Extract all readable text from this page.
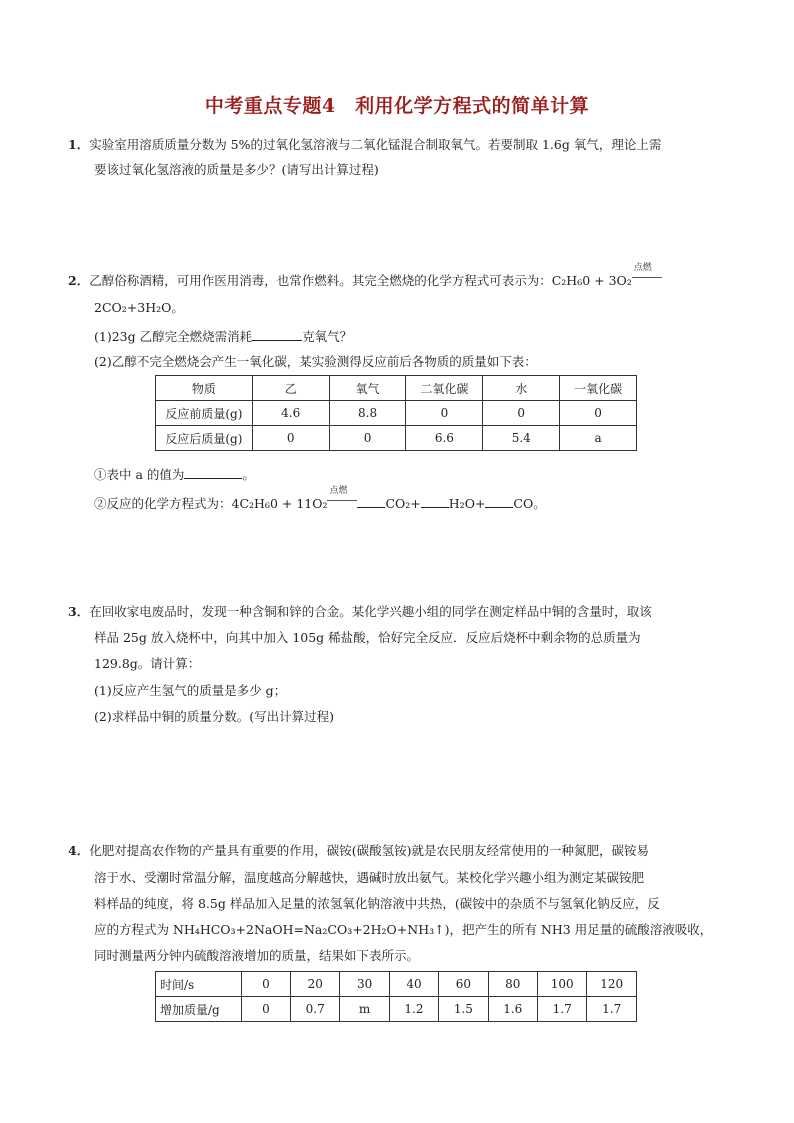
中考重点专题4　利用化学方程式的简单计算
1．实验室用溶质质量分数为 5%的过氧化氢溶液与二氧化锰混合制取氧气。若要制取 1.6g 氧气，理论上需
要该过氧化氢溶液的质量是多少？(请写出计算过程)
2．乙醇俗称酒精，可用作医用消毒，也常作燃料。其完全燃烧的化学方程式可表示为：C₂H₆0 + 3O₂
点燃
2CO₂+3H₂O。
(1)23g 乙醇完全燃烧需消耗	克氧气？
(2)乙醇不完全燃烧会产生一氧化碳，某实验测得反应前后各物质的质量如下表：
物质	乙	氧气	二氧化碳	水	一氧化碳
反应前质量(g)	4.6	8.8	0	0	0
反应后质量(g)	0	0	6.6	5.4	a
①表中 a 的值为	。
②反应的化学方程式为：4C₂H₆0 + 11O₂
点燃
CO₂+ H₂O+ CO。
3．在回收家电废品时，发现一种含铜和锌的合金。某化学兴趣小组的同学在测定样品中铜的含量时，取该
样品 25g 放入烧杯中，向其中加入 105g 稀盐酸，恰好完全反应．反应后烧杯中剩余物的总质量为
129.8g。请计算：
(1)反应产生氢气的质量是多少 g；
(2)求样品中铜的质量分数。(写出计算过程)
4．化肥对提高农作物的产量具有重要的作用，碳铵(碳酸氢铵)就是农民朋友经常使用的一种氮肥，碳铵易
溶于水、受潮时常温分解，温度越高分解越快，遇碱时放出氨气。某校化学兴趣小组为测定某碳铵肥
料样品的纯度，将 8.5g 样品加入足量的浓氢氧化钠溶液中共热，(碳铵中的杂质不与氢氧化钠反应，反
应的方程式为 NH₄HCO₃+2NaOH=Na₂CO₃+2H₂O+NH₃↑)，把产生的所有 NH3 用足量的硫酸溶液吸收，
同时测量两分钟内硫酸溶液增加的质量，结果如下表所示。
时间/s	0	20	30	40	60	80	100	120
增加质量/g	0	0.7	m	1.2	1.5	1.6	1.7	1.7
